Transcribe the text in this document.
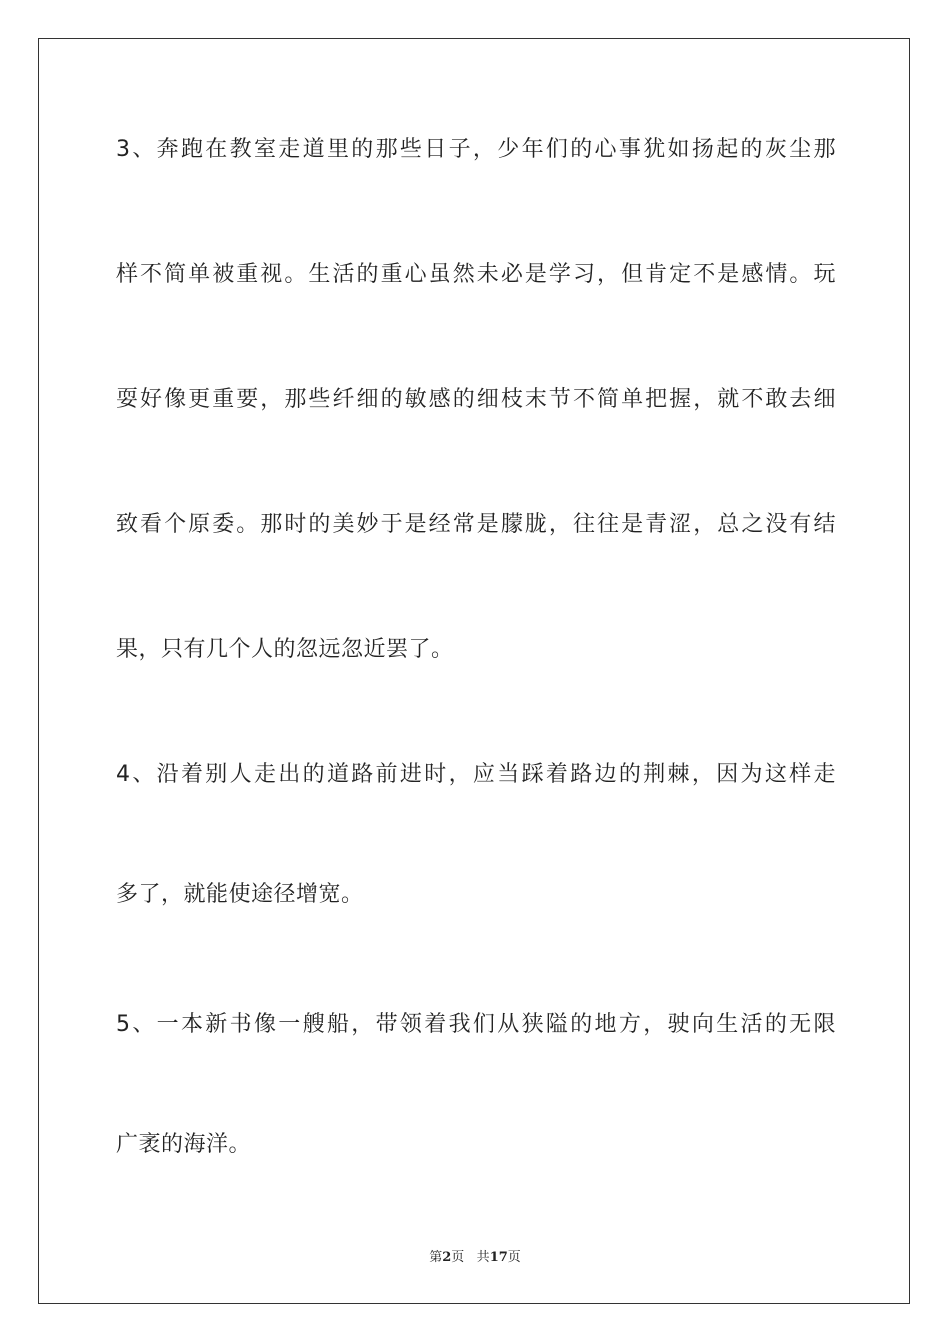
3、奔跑在教室走道里的那些日子，少年们的心事犹如扬起的灰尘那
样不简单被重视。生活的重心虽然未必是学习，但肯定不是感情。玩
耍好像更重要，那些纤细的敏感的细枝末节不简单把握，就不敢去细
致看个原委。那时的美妙于是经常是朦胧，往往是青涩，总之没有结
果，只有几个人的忽远忽近罢了。
4、沿着别人走出的道路前进时，应当踩着路边的荆棘，因为这样走
多了，就能使途径增宽。
5、一本新书像一艘船，带领着我们从狭隘的地方，驶向生活的无限
广袤的海洋。
第2页 共17页
